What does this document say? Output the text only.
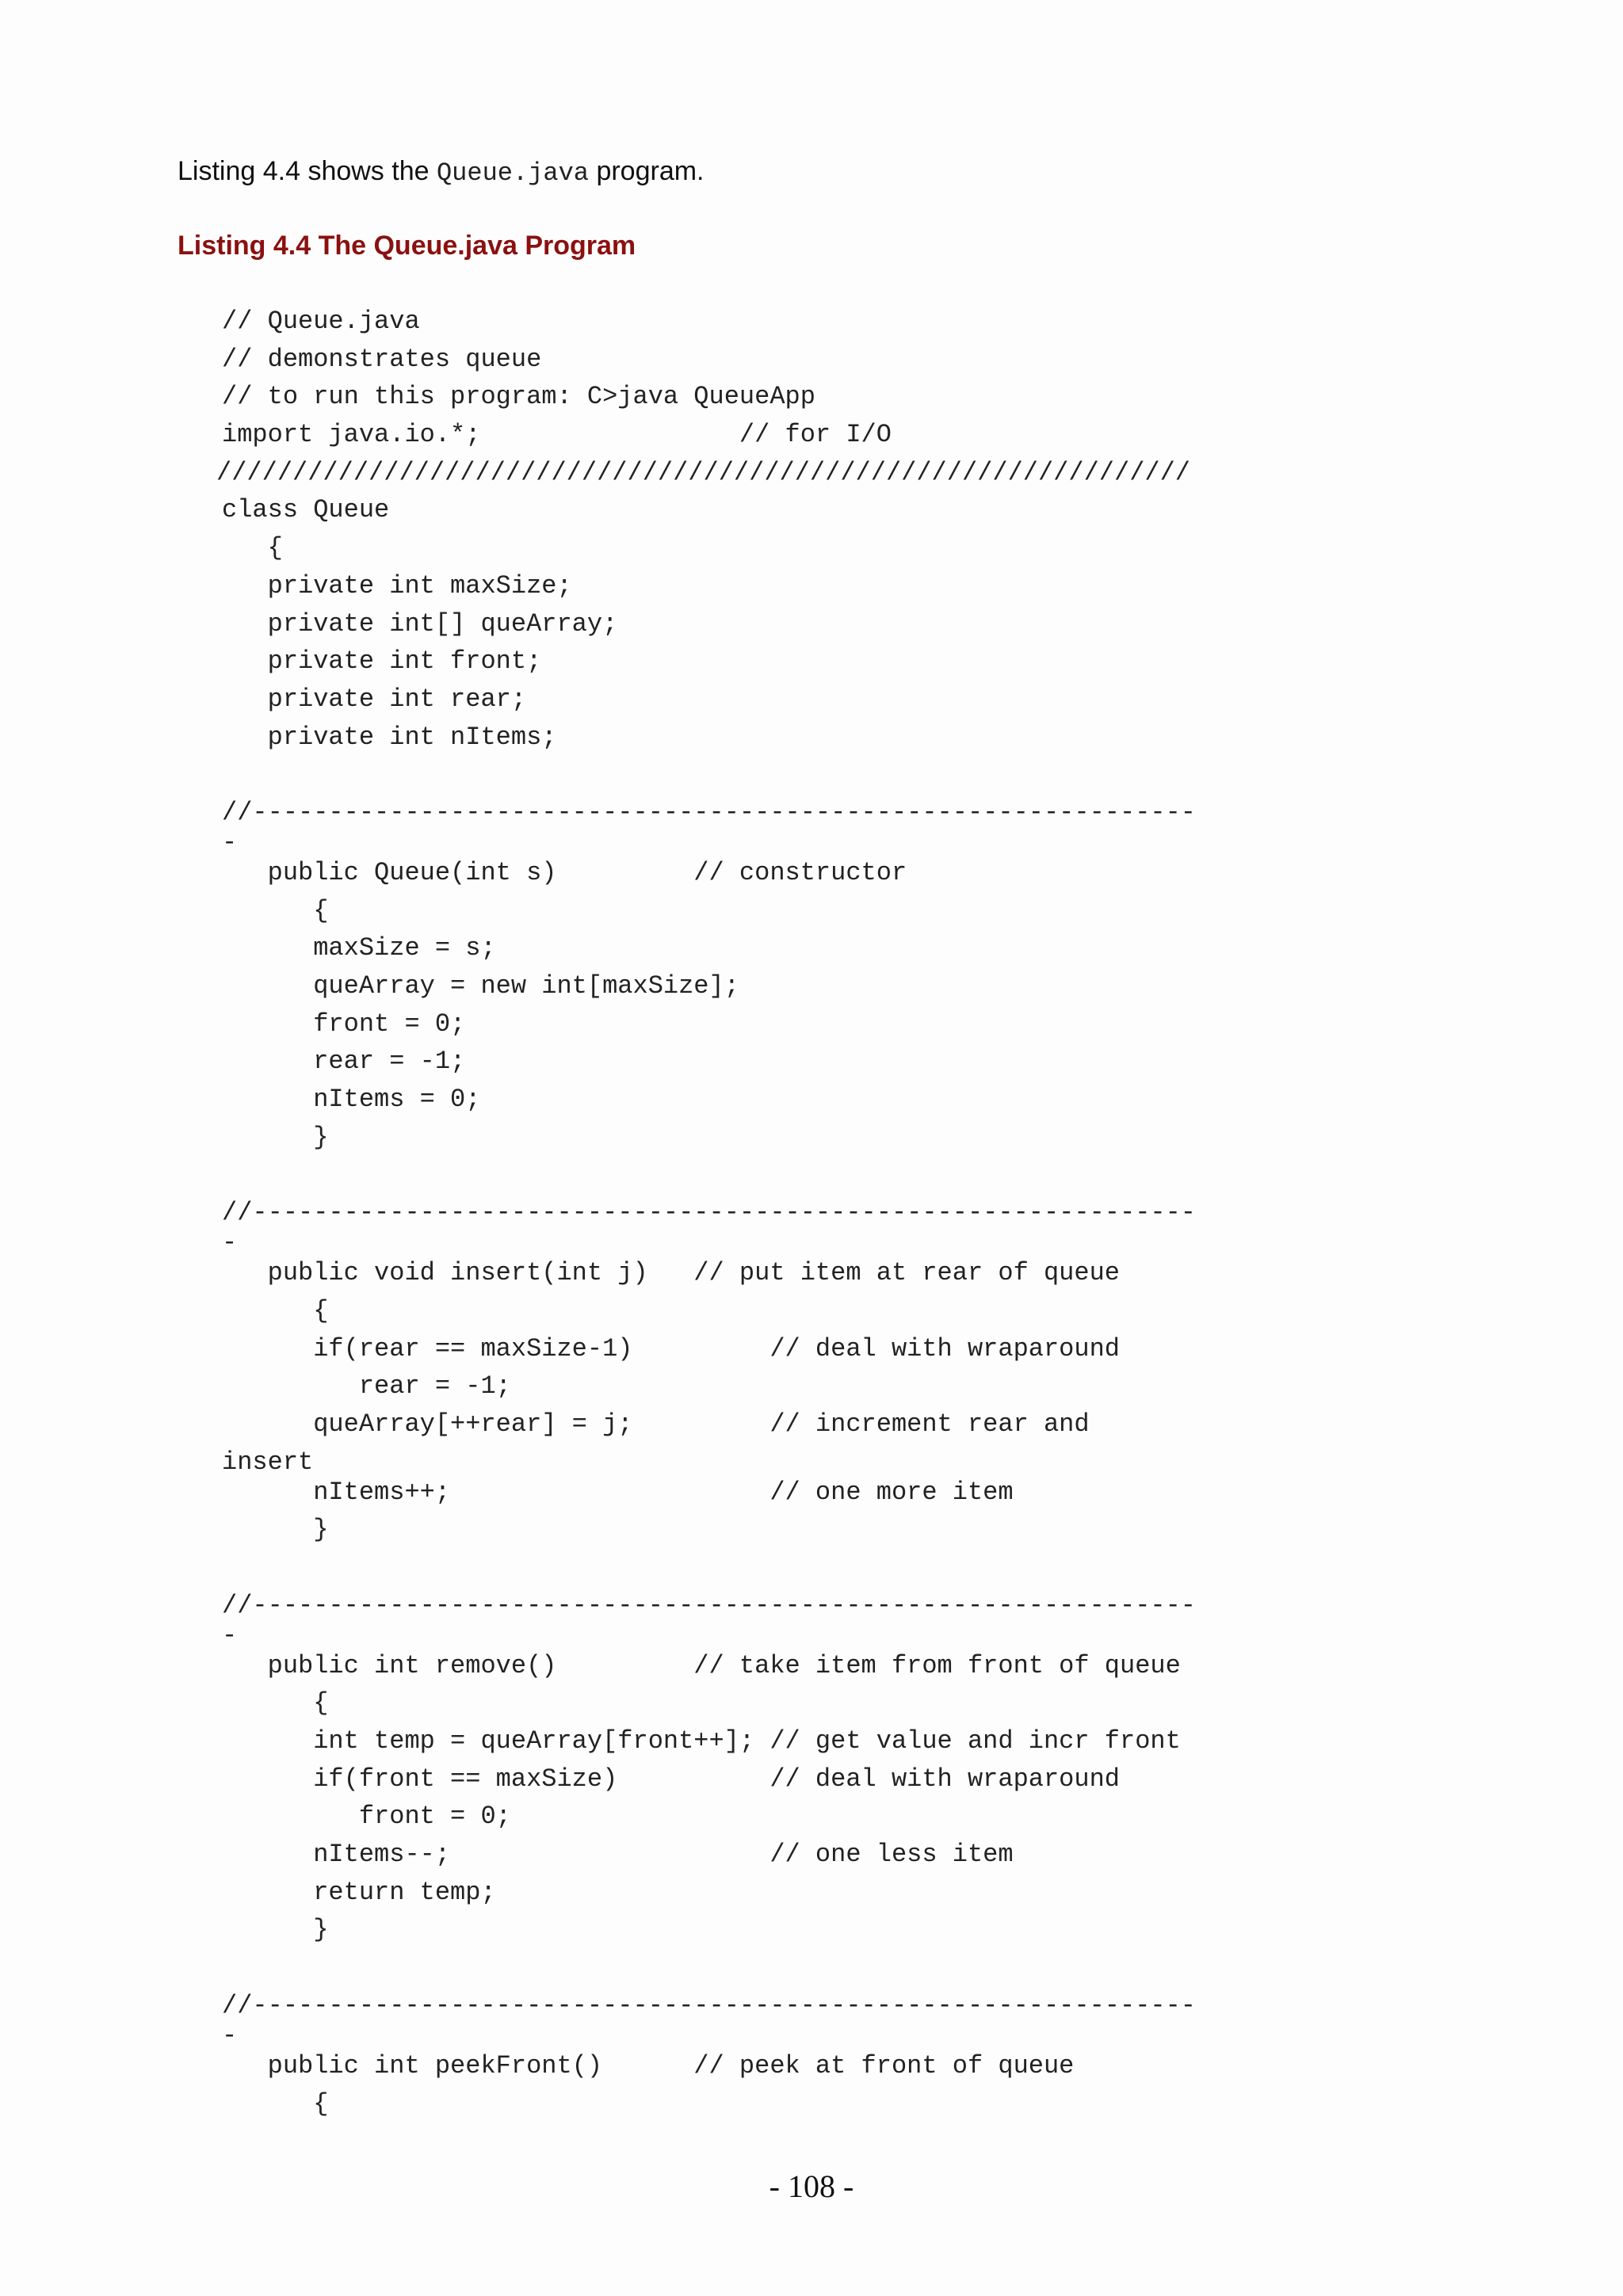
Listing 4.4 shows the Queue.java program.
Listing 4.4 The Queue.java Program
// Queue.java
// demonstrates queue
// to run this program: C>java QueueApp
import java.io.*;                 // for I/O
////////////////////////////////////////////////////////////////
class Queue
{
private int maxSize;
private int[] queArray;
private int front;
private int rear;
private int nItems;

//--------------------------------------------------------------
-
public Queue(int s)         // constructor
{
maxSize = s;
queArray = new int[maxSize];
front = 0;
rear = -1;
nItems = 0;
}

//--------------------------------------------------------------
-
public void insert(int j)   // put item at rear of queue
{
if(rear == maxSize-1)         // deal with wraparound
rear = -1;
queArray[++rear] = j;         // increment rear and
insert
nItems++;                     // one more item
}

//--------------------------------------------------------------
-
public int remove()         // take item from front of queue
{
int temp = queArray[front++]; // get value and incr front
if(front == maxSize)          // deal with wraparound
front = 0;
nItems--;                     // one less item
return temp;
}

//--------------------------------------------------------------
-
public int peekFront()      // peek at front of queue
{
- 108 -
